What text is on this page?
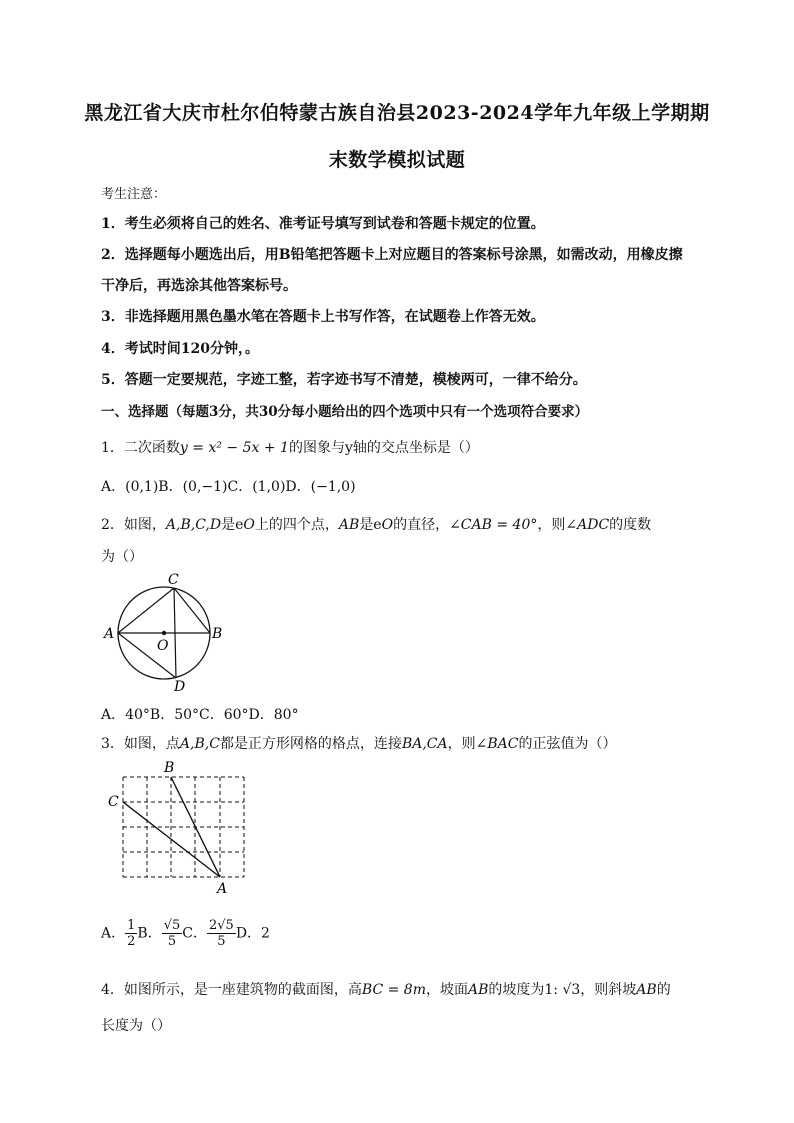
黑龙江省大庆市杜尔伯特蒙古族自治县2023-2024学年九年级上学期期
末数学模拟试题
考生注意：
1．考生必须将自己的姓名、准考证号填写到试卷和答题卡规定的位置。
2．选择题每小题选出后，用B铅笔把答题卡上对应题目的答案标号涂黑，如需改动，用橡皮擦
干净后，再选涂其他答案标号。
3．非选择题用黑色墨水笔在答题卡上书写作答，在试题卷上作答无效。
4．考试时间120分钟，。
5．答题一定要规范，字迹工整，若字迹书写不清楚，模棱两可，一律不给分。
一、选择题（每题3分，共30分每小题给出的四个选项中只有一个选项符合要求）
1．二次函数y = x² − 5x + 1的图象与y轴的交点坐标是（）
A．(0,1)B．(0,−1)C．(1,0)D．(−1,0)
2．如图，A,B,C,D是eO上的四个点，AB是eO的直径，∠CAB = 40°，则∠ADC的度数
为（）
A	B
C
D
O
A．40°B．50°C．60°D．80°
3．如图，点A,B,C都是正方形网格的格点，连接BA,CA，则∠BAC的正弦值为（）
B
C
A
A． $\frac{1}{2}$ B． $\frac{√5}{5}$ C． $\frac{2√5}{5}$ D．2
4．如图所示，是一座建筑物的截面图，高BC = 8m，坡面AB的坡度为1: √3，则斜坡AB的
长度为（）
